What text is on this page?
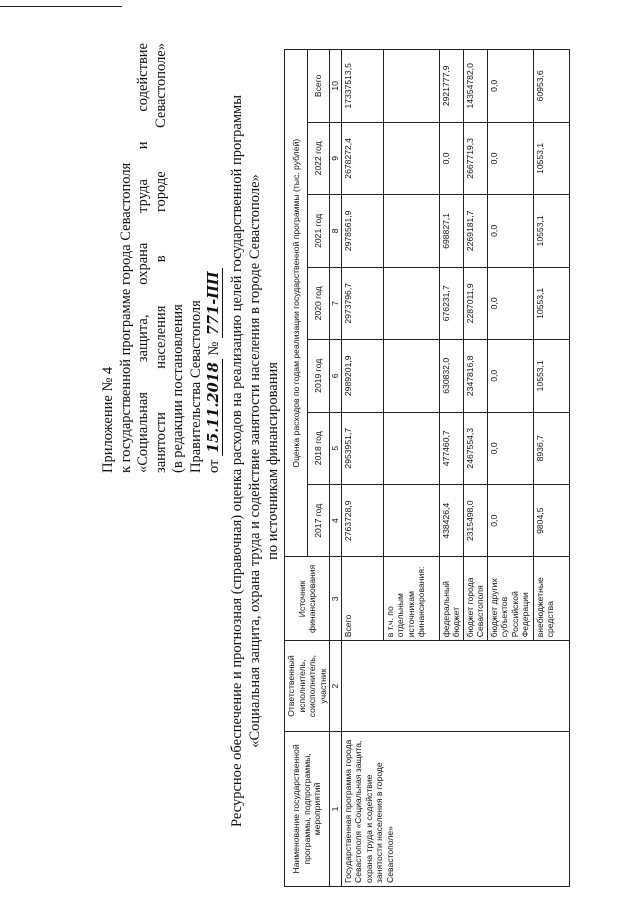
Приложение № 4 к государственной программе города Севастополя «Социальная защита, охрана труда и содействие занятости населения в городе Севастополе» (в редакции постановления Правительства Севастополя от 15.11.2018 № 771-ПП Ресурсное обеспечение и прогнозная (справочная) оценка расходов на реализацию целей государственной программы «Социальная защита, охрана труда и содействие занятости населения в городе Севастополе» по источникам финансирования
Наименование государственной программы, подпрограммы, мероприятий	Ответственный исполнитель, соисполнитель, участник	Источник финансирования	Оценка расходов по годам реализации государственной программы (тыс. рублей)						
			2017 год	2018 год	2019 год	2020 год	2021 год	2022 год	Всего
1	2	3	4	5	6	7	8	9	10
Государственная программа города Севастополя «Социальная защита, охрана труда и содействие занятости населения в городе Севастополе»		Всего	2763728,9	2953951,7	2989201,9	2973796,7	2978561,9	2678272,4	17337513,5
		в т.ч. по отдельным источникам финансирования:							
		федеральный бюджет	438426,4	477460,7	630832,0	676231,7	698827,1	0,0	2921777,9
		бюджет города Севастополя	2315498,0	2467554,3	2347816,8	2287011,9	2269181,7	2667719,3	14354782,0
		бюджет других субъектов Российской Федерации	0,0	0,0	0,0	0,0	0,0	0,0	0,0
		внебюджетные средства	9804,5	8936,7	10553,1	10553,1	10553,1	10553,1	60953,6
